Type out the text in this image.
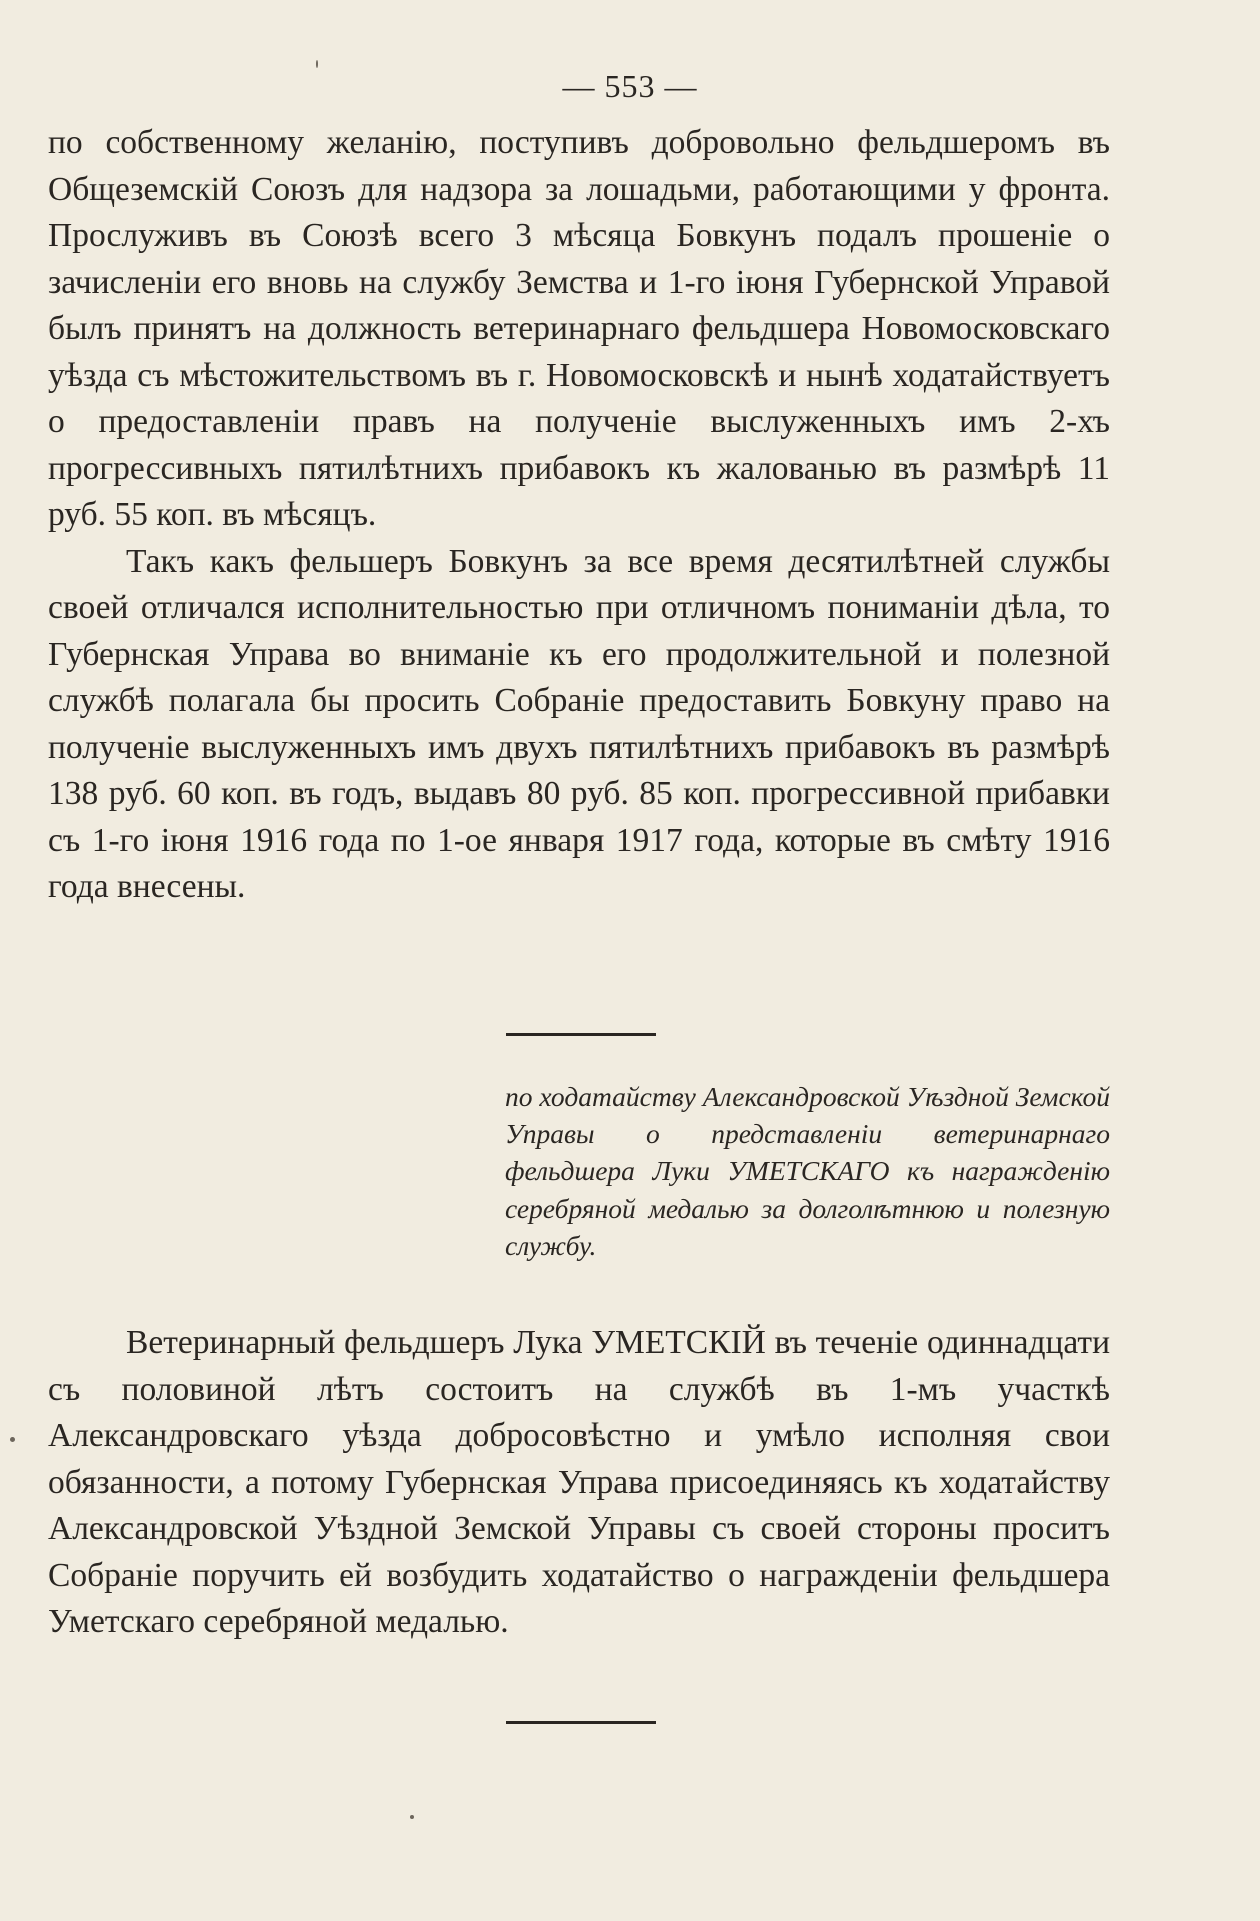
— 553 —

по собственному желанію, поступивъ добровольно фельдшеромъ въ Общеземскій Союзъ для надзора за лошадьми, работающими у фронта. Прослуживъ въ Союзѣ всего 3 мѣсяца Бовкунъ подалъ прошеніе о зачисленіи его вновь на службу Земства и 1-го іюня Губернской Управой былъ принятъ на должность ветеринарнаго фельдшера Новомосковскаго уѣзда съ мѣстожительствомъ въ г. Новомосковскѣ и нынѣ ходатайствуетъ о предоставленіи правъ на полученіе выслуженныхъ имъ 2-хъ прогрессивныхъ пятилѣтнихъ прибавокъ къ жалованью въ размѣрѣ 11 руб. 55 коп. въ мѣсяцъ.

Такъ какъ фельшеръ Бовкунъ за все время десятилѣтней службы своей отличался исполнительностью при отличномъ пониманіи дѣла, то Губернская Управа во вниманіе къ его продолжительной и полезной службѣ полагала бы просить Собраніе предоставить Бовкуну право на полученіе выслуженныхъ имъ двухъ пятилѣтнихъ прибавокъ въ размѣрѣ 138 руб. 60 коп. въ годъ, выдавъ 80 руб. 85 коп. прогрессивной прибавки съ 1-го іюня 1916 года по 1-ое января 1917 года, которые въ смѣту 1916 года внесены.

по ходатайству Александровской Уѣздной Земской Управы о представленіи ветеринарнаго фельдшера Луки УМЕТСКАГО къ награжденію серебряной медалью за долголѣтнюю и полезную службу.

Ветеринарный фельдшеръ Лука УМЕТСКІЙ въ теченіе одиннадцати съ половиной лѣтъ состоитъ на службѣ въ 1-мъ участкѣ Александровскаго уѣзда добросовѣстно и умѣло исполняя свои обязанности, а потому Губернская Управа присоединяясь къ ходатайству Александровской Уѣздной Земской Управы съ своей стороны проситъ Собраніе поручить ей возбудить ходатайство о награжденіи фельдшера Уметскаго серебряной медалью.
